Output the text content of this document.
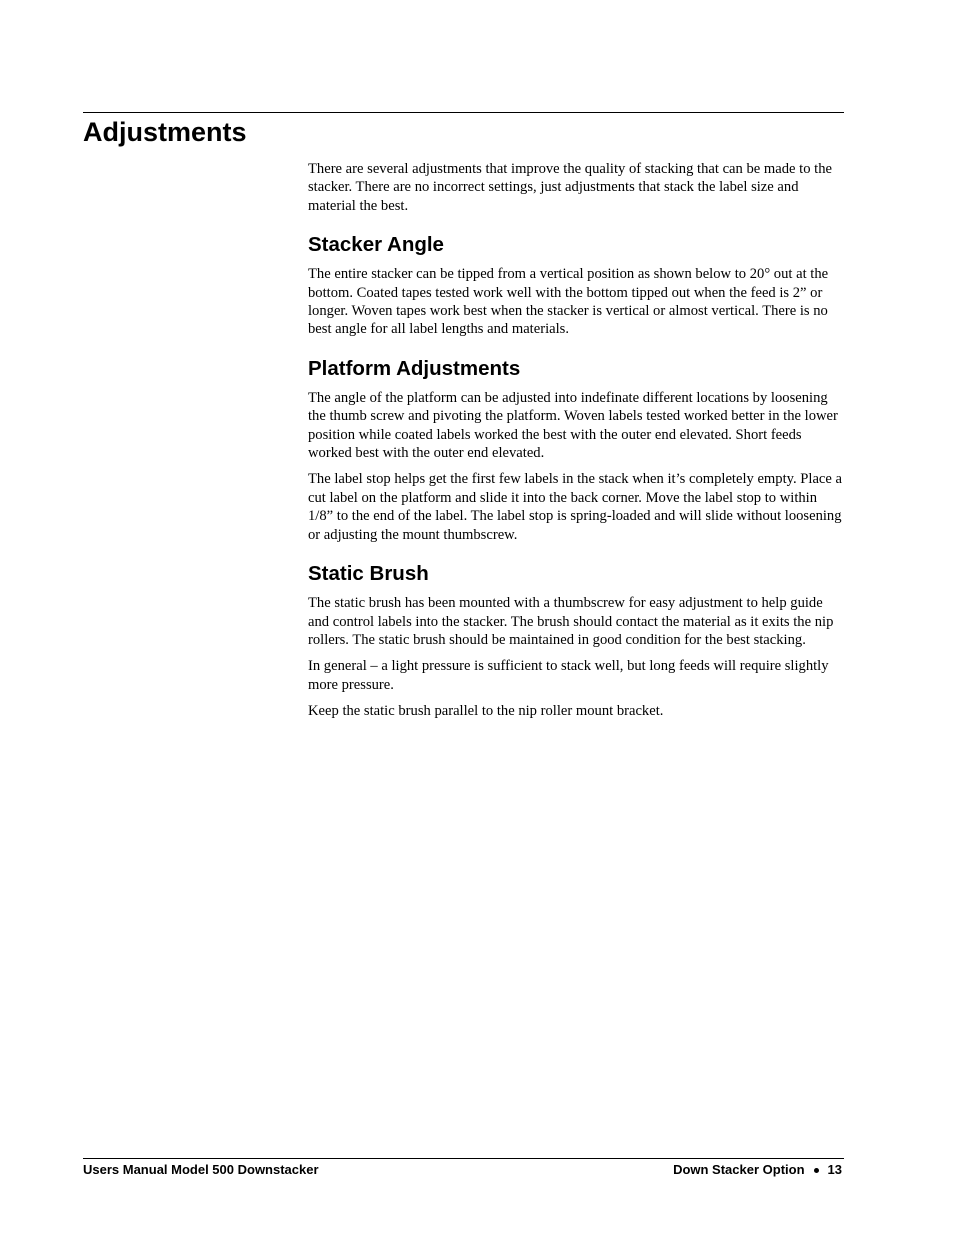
Adjustments

There are several adjustments that improve the quality of stacking that can be made to the stacker. There are no incorrect settings, just adjustments that stack the label size and material the best.

Stacker Angle

The entire stacker can be tipped from a vertical position as shown below to 20° out at the bottom. Coated tapes tested work well with the bottom tipped out when the feed is 2” or longer. Woven tapes work best when the stacker is vertical or almost vertical. There is no best angle for all label lengths and materials.

Platform Adjustments

The angle of the platform can be adjusted into indefinate different locations by loosening the thumb screw and pivoting the platform. Woven labels tested worked better in the lower position while coated labels worked the best with the outer end elevated. Short feeds worked best with the outer end elevated.

The label stop helps get the first few labels in the stack when it’s completely empty. Place a cut label on the platform and slide it into the back corner. Move the label stop to within 1/8” to the end of the label. The label stop is spring-loaded and will slide without loosening or adjusting the mount thumbscrew.

Static Brush

The static brush has been mounted with a thumbscrew for easy adjustment to help guide and control labels into the stacker. The brush should contact the material as it exits the nip rollers. The static brush should be maintained in good condition for the best stacking.

In general – a light pressure is sufficient to stack well, but long feeds will require slightly more pressure.

Keep the static brush parallel to the nip roller mount bracket.

Users Manual Model 500 Downstacker	Down Stacker Option 13
